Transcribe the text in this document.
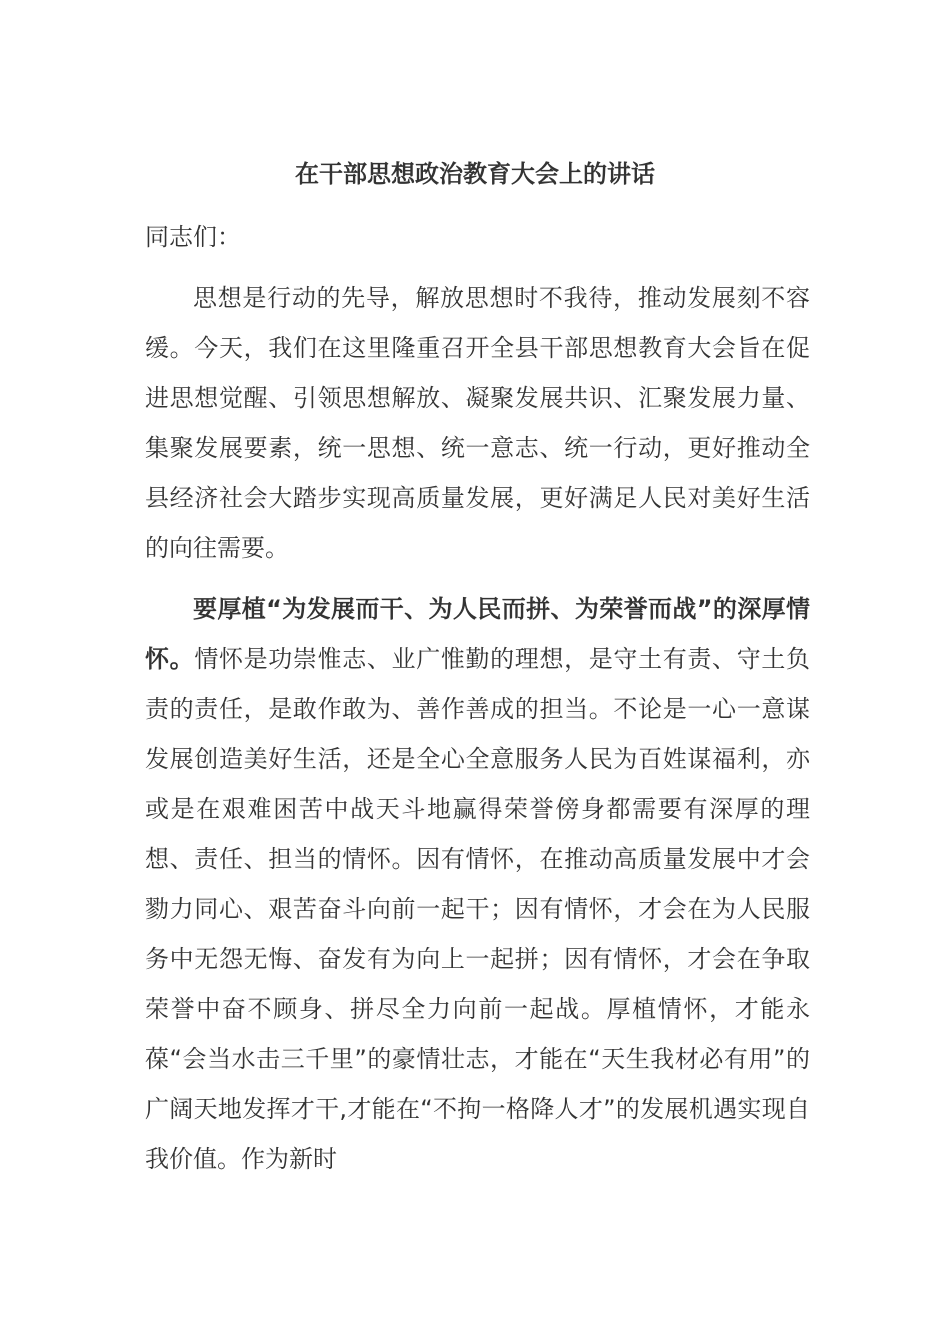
在干部思想政治教育大会上的讲话
同志们：
思想是行动的先导，解放思想时不我待，推动发展刻不容缓。今天，我们在这里隆重召开全县干部思想教育大会旨在促进思想觉醒、引领思想解放、凝聚发展共识、汇聚发展力量、集聚发展要素，统一思想、统一意志、统一行动，更好推动全县经济社会大踏步实现高质量发展，更好满足人民对美好生活的向往需要。
要厚植“为发展而干、为人民而拼、为荣誉而战”的深厚情怀。情怀是功崇惟志、业广惟勤的理想，是守土有责、守土负责的责任，是敢作敢为、善作善成的担当。不论是一心一意谋发展创造美好生活，还是全心全意服务人民为百姓谋福利，亦或是在艰难困苦中战天斗地赢得荣誉傍身都需要有深厚的理想、责任、担当的情怀。因有情怀，在推动高质量发展中才会勠力同心、艰苦奋斗向前一起干；因有情怀，才会在为人民服务中无怨无悔、奋发有为向上一起拼；因有情怀，才会在争取荣誉中奋不顾身、拼尽全力向前一起战。厚植情怀，才能永葆“会当水击三千里”的豪情壮志，才能在“天生我材必有用”的广阔天地发挥才干,才能在“不拘一格降人才”的发展机遇实现自我价值。作为新时
